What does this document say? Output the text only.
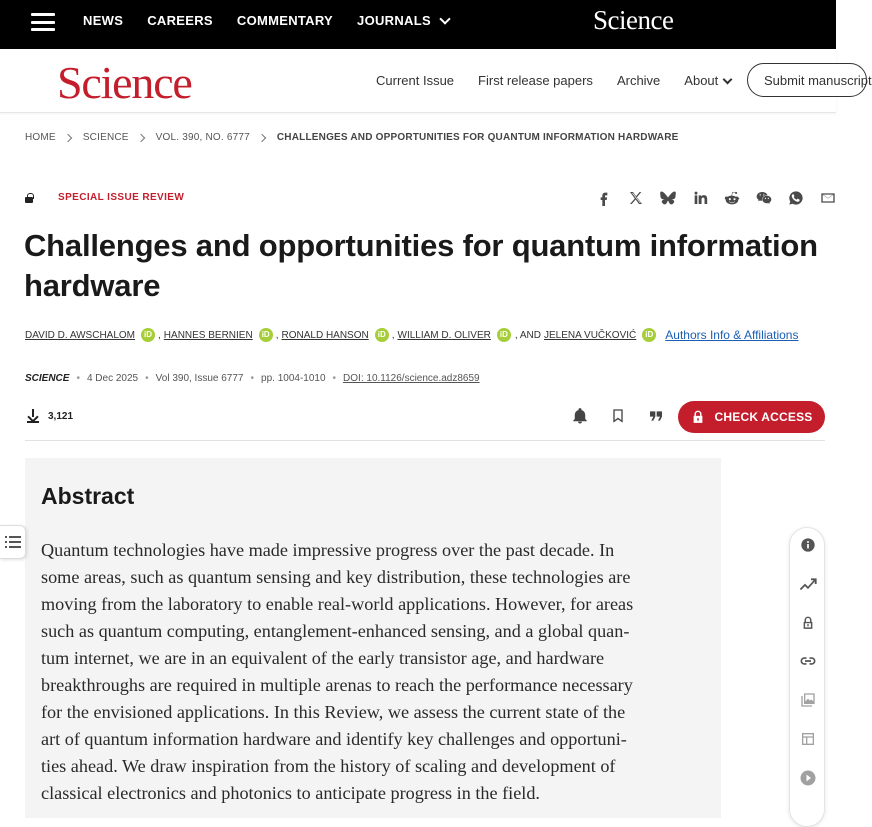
NEWS CAREERS COMMENTARY JOURNALS	Science
Science	Current Issue First release papers Archive About	Submit manuscript
HOME	SCIENCE	VOL. 390, NO. 6777	CHALLENGES AND OPPORTUNITIES FOR QUANTUM INFORMATION HARDWARE
SPECIAL ISSUE REVIEW
Challenges and opportunities for quantum information hardware
DAVID D. AWSCHALOM	iD , HANNES BERNIEN	iD , RONALD HANSON	iD , WILLIAM D. OLIVER	iD , AND JELENA VUČKOVIĆ	iD Authors Info & Affiliations
SCIENCE • 4 Dec 2025 • Vol 390, Issue 6777 • pp. 1004-1010 • DOI: 10.1126/science.adz8659
3,121	CHECK ACCESS
Abstract
Quantum technologies have made impressive progress over the past decade. In
some areas, such as quantum sensing and key distribution, these technologies are
moving from the laboratory to enable real-world applications. However, for areas
such as quantum computing, entanglement-enhanced sensing, and a global quan-
tum internet, we are in an equivalent of the early transistor age, and hardware
breakthroughs are required in multiple arenas to reach the performance necessary
for the envisioned applications. In this Review, we assess the current state of the
art of quantum information hardware and identify key challenges and opportuni-
ties ahead. We draw inspiration from the history of scaling and development of
classical electronics and photonics to anticipate progress in the field.
